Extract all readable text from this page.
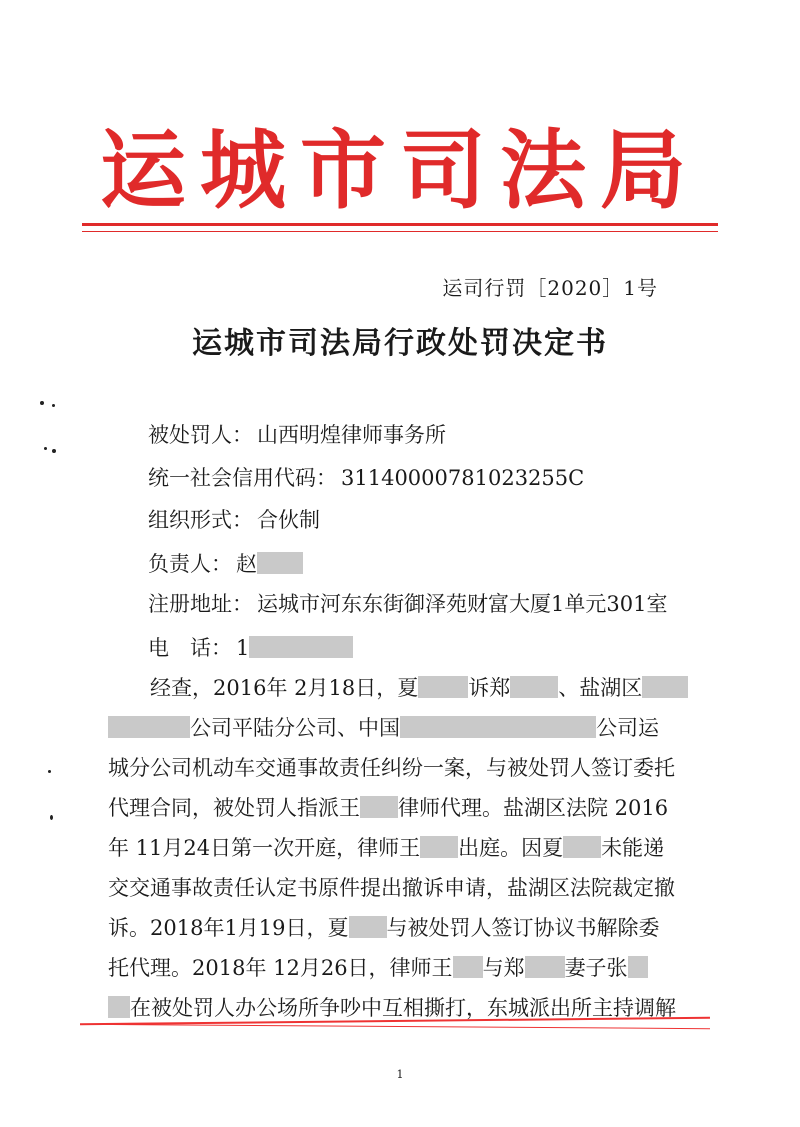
运城市司法局
运司行罚［2020］1号
运城市司法局行政处罚决定书
被处罚人： 山西明煌律师事务所
统一社会信用代码： 31140000781023255C
组织形式： 合伙制
负责人： 赵
注册地址： 运城市河东东街御泽苑财富大厦1单元301室
电　话： 1
经查，2016年 2月18日，夏 诉郑 、盐湖区
公司平陆分公司、中国	公司运
城分公司机动车交通事故责任纠纷一案，与被处罚人签订委托
代理合同，被处罚人指派王 律师代理。盐湖区法院 2016
年 11月24日第一次开庭，律师王 出庭。因夏 未能递
交交通事故责任认定书原件提出撤诉申请，盐湖区法院裁定撤
诉。2018年1月19日，夏 与被处罚人签订协议书解除委
托代理。2018年 12月26日，律师王 与郑 妻子张
在被处罚人办公场所争吵中互相撕打，东城派出所主持调解
1
